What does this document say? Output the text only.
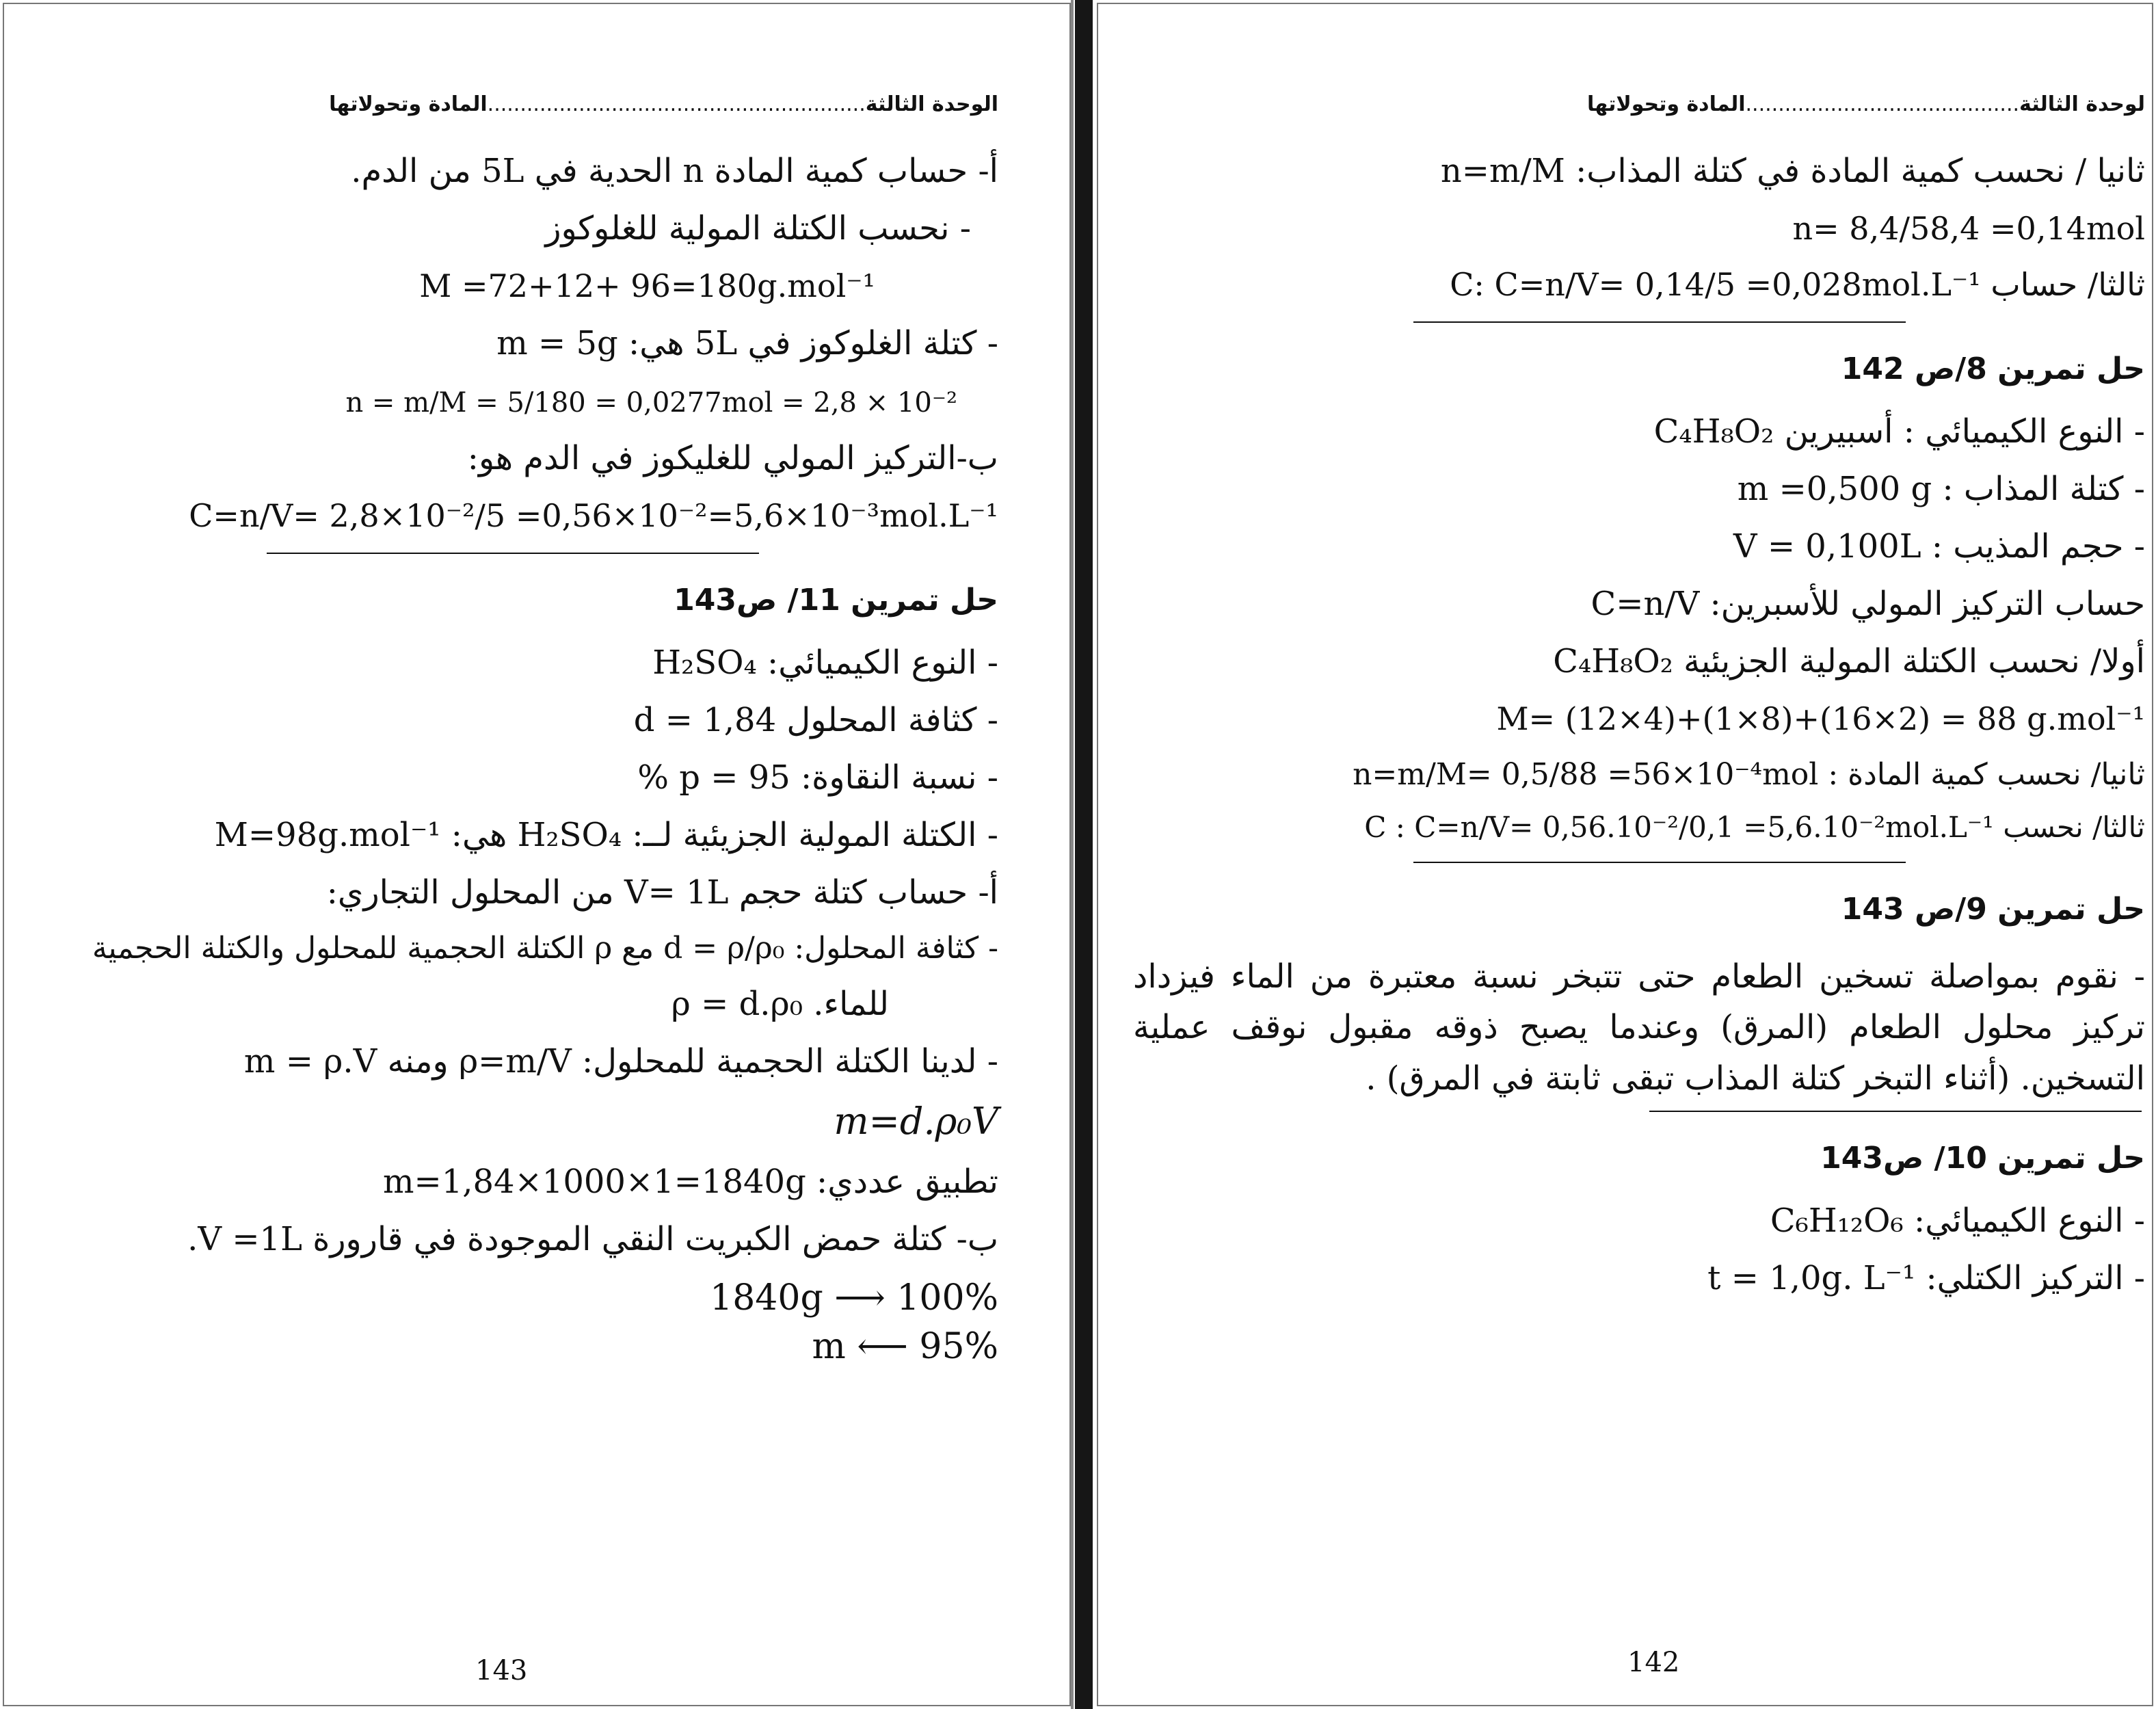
الوحدة الثالثة..........................................................المادة وتحولاتها
أ- حساب كمية المادة n الحدية في 5L من الدم.
- نحسب الكتلة المولية للغلوكوز
M =72+12+ 96=180g.mol⁻¹
- كتلة الغلوكوز في 5L هي: m = 5g
n = m/M = 5/180 = 0,0277mol = 2,8 × 10⁻²
ب-التركيز المولي للغليكوز في الدم هو:
C=n/V= 2,8×10⁻²/5 =0,56×10⁻²=5,6×10⁻³mol.L⁻¹
حل تمرين 11/ ص143
- النوع الكيميائي: H₂SO₄
- كثافة المحلول d = 1,84
- نسبة النقاوة: p = 95 %
- الكتلة المولية الجزيئية لــ: H₂SO₄ هي: M=98g.mol⁻¹
أ- حساب كتلة حجم V= 1L من المحلول التجاري:
- كثافة المحلول: d = ρ/ρ₀ مع ρ الكتلة الحجمية للمحلول والكتلة الحجمية
للماء. ρ = d.ρ₀
- لدينا الكتلة الحجمية للمحلول: ρ=m/V ومنه m = ρ.V
m=d.ρ₀V
تطبيق عددي: m=1,84×1000×1=1840g
ب- كتلة حمض الكبريت النقي الموجودة في قارورة V =1L.
1840g ⟶ 100%
m ⟵ 95%
143
لوحدة الثالثة..........................................المادة وتحولاتها
ثانيا / نحسب كمية المادة في كتلة المذاب: n=m/M
n= 8,4/58,4 =0,14mol
ثالثا/ حساب C: C=n/V= 0,14/5 =0,028mol.L⁻¹
حل تمرين 8/ص 142
- النوع الكيميائي : أسبيرين C₄H₈O₂
- كتلة المذاب : m =0,500 g
- حجم المذيب : V = 0,100L
حساب التركيز المولي للأسبرين: C=n/V
أولا/ نحسب الكتلة المولية الجزيئية C₄H₈O₂
M= (12×4)+(1×8)+(16×2) = 88 g.mol⁻¹
ثانيا/ نحسب كمية المادة : n=m/M= 0,5/88 =56×10⁻⁴mol
ثالثا/ نحسب C : C=n/V= 0,56.10⁻²/0,1 =5,6.10⁻²mol.L⁻¹
حل تمرين 9/ص 143
- نقوم بمواصلة تسخين الطعام حتى تتبخر نسبة معتبرة من الماء فيزداد تركيز محلول الطعام (المرق) وعندما يصبح ذوقه مقبول نوقف عملية التسخين. (أثناء التبخر كتلة المذاب تبقى ثابتة في المرق) .
حل تمرين 10/ ص143
- النوع الكيميائي: C₆H₁₂O₆
- التركيز الكتلي: t = 1,0g. L⁻¹
142
